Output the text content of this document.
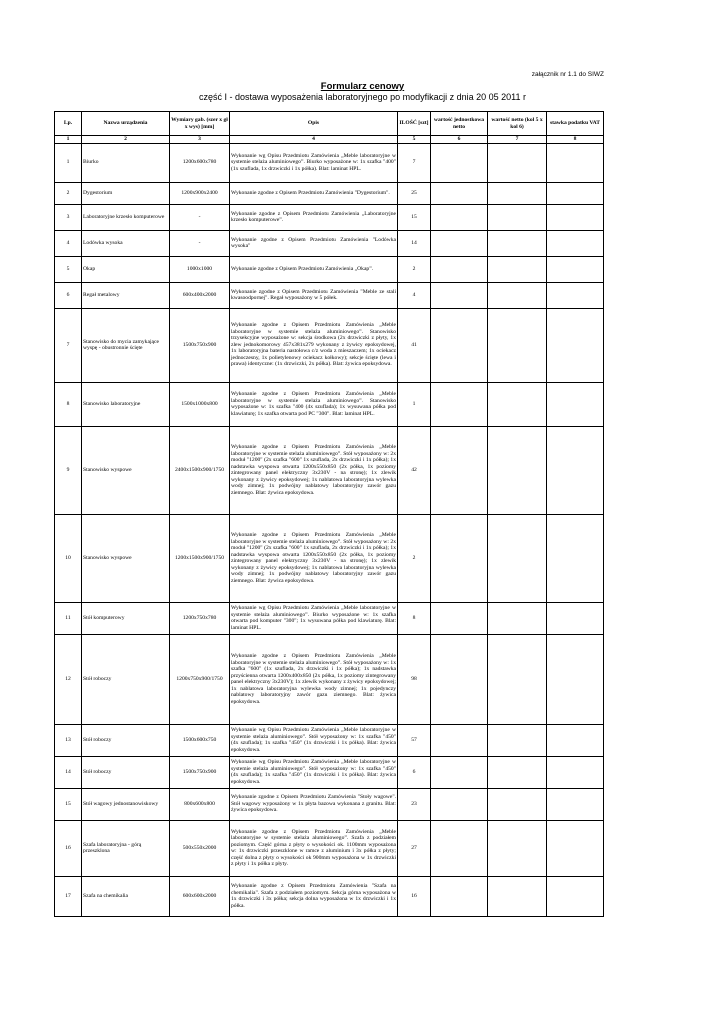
załącznik nr 1.1 do SIWZ
Formularz cenowy
część I - dostawa wyposażenia laboratoryjnego po modyfikacji z dnia 20 05 2011 r
Lp.	Nazwa urządzenia	Wymiary gab. (szer x gł x wys) [mm]	Opis	ILOŚĆ [szt]	wartość jednostkowa netto	wartość netto (kol 5 x kol 6)	stawka podatku VAT
1	2	3	4	5	6	7	8
1	Biurko	1200x600x780	Wykonanie wg Opisu Przedmiotu Zamówienia „Meble laboratoryjne w systemie stelaża aluminiowego”. Biurko wyposażone w: 1x szafka "400" (1x szuflada, 1x drzwiczki i 1x półka). Blat: laminat HPL.	7			
2	Dygestorium	1200x900x2400	Wykonanie zgodne z Opisem Przedmiotu Zamówienia "Dygestorium".	25			
3	Laboratoryjne krzesło komputerowe	-	Wykonanie zgodne z Opisem Przedmiotu Zamówienia „Laboratoryjne krzesło komputerowe”.	15			
4	Lodówka wysoka	-	Wykonanie zgodne z Opisem Przedmiotu Zamówienia "Lodówka wysoka"	14			
5	Okap	1000x1000	Wykonanie zgodne z Opisem Przedmiotu Zamówienia „Okap”.	2			
6	Regał metalowy	600x400x2000	Wykonanie zgodne z Opisem Przedmiotu Zamówienia "Meble ze stali kwasoodpornej". Regał wyposażony w 5 półek.	4			
7	Stanowisko do mycia zamykające wyspę - obustronnie ścięte	1500x750x900	Wykonanie zgodne z Opisem Przedmiotu Zamówienia „Meble laboratoryjne w systemie stelaża aluminiowego”. Stanowisko trzysekcyjne wyposażone w: sekcja środkowa (2x drzwiczki z płyty, 1x zlew jednokomorowy 457x381x279 wykonany z żywicy epoksydowej, 1x laboratoryjna bateria nastołowa c/z woda z mieszaczem; 1x ociekacz jednoczesny, 1x polietylenowy ociekacz kołkowy); sekcje ścięte (lewa i prawa) identyczne: (1x drzwiczki, 2x półka). Blat: żywica epoksydowa.	41			
8	Stanowisko laboratoryjne	1500x1000x800	Wykonanie zgodne z Opisem Przedmiotu Zamówienia „Meble laboratoryjne w systemie stelaża aluminiowego”. Stanowisko wyposażone w: 1x szafka "400 (4x szuflada); 1x wysuwana półka pod klawiaturę; 1x szafka otwarta pod PC "300". Blat: laminat HPL.	1			
9	Stanowisko wyspowe	2400x1500x900/1750	Wykonanie zgodne z Opisem Przedmiotu Zamówienia „Meble laboratoryjne w systemie stelaża aluminiowego”. Stół wyposażony w: 2x moduł "1200" (2x szafka "600" 1x szuflada, 2x drzwiczki i 1x półka); 1x nadstawka wyspowa otwarta 1200x550x850 (2x półka, 1x poziomy zintegrowany panel elektryczny 3x230V - na stronę); 1x zlewik wykonany z żywicy epoksydowej; 1x nablatowa laboratoryjna wylewka wody zimnej; 1x podwójny nablatowy laboratoryjny zawór gazu ziemnego. Blat: żywica epoksydowa.	42			
10	Stanowisko wyspowe	1200x1500x900/1750	Wykonanie zgodne z Opisem Przedmiotu Zamówienia „Meble laboratoryjne w systemie stelaża aluminiowego”. Stół wyposażony w: 2x moduł "1200" (2x szafka "600" 1x szuflada, 2x drzwiczki i 1x półka); 1x nadstawka wyspowa otwarta 1200x550x850 (2x półka, 1x poziomy zintegrowany panel elektryczny 3x230V - na stronę); 1x zlewik wykonany z żywicy epoksydowej; 1x nablatowa laboratoryjna wylewka wody zimnej; 1x podwójny nablatowy laboratoryjny zawór gazu ziemnego. Blat: żywica epoksydowa.	2			
11	Stół komputerowy	1200x750x780	Wykonanie wg Opisu Przedmiotu Zamówienia „Meble laboratoryjne w systemie stelaża aluminiowego”. Biurko wyposażone w: 1x szafka otwarta pod komputer "300"; 1x wysuwana półka pod klawiaturę. Blat: laminat HPL.	8			
12	Stół roboczy	1200x750x900/1750	Wykonanie zgodne z Opisem Przedmiotu Zamówienia „Meble laboratoryjne w systemie stelaża aluminiowego”. Stół wyposażony w: 1x szafka "600" (1x szuflada, 2x drzwiczki i 1x półka); 1x nadstawka przyścienna otwarta 1200x400x850 (2x półka, 1x poziomy zintegrowany panel elektryczny 3x230V); 1x zlewik wykonany z żywicy epoksydowej; 1x nablatowa laboratoryjna wylewka wody zimnej; 1x pojedynczy nablatowy laboratoryjny zawór gazu ziemnego. Blat: żywica epoksydowa.	98			
13	Stół roboczy	1500x600x750	Wykonanie wg Opisu Przedmiotu Zamówienia „Meble laboratoryjne w systemie stelaża aluminiowego”. Stół wyposażony w: 1x szafka "450" (4x szuflada); 1x szafka "450" (1x drzwiczki i 1x półka). Blat: żywica epoksydowa.	57			
14	Stół roboczy	1500x750x900	Wykonanie wg Opisu Przedmiotu Zamówienia „Meble laboratoryjne w systemie stelaża aluminiowego”. Stół wyposażony w: 1x szafka "450" (4x szuflada); 1x szafka "450" (1x drzwiczki i 1x półka). Blat: żywica epoksydowa.	6			
15	Stół wagowy jednostanowiskowy	800x600x800	Wykonanie zgodne z Opisem Przedmiotu Zamówienia "Stoły wagowe". Stół wagowy wyposażony w 1x płyta bazowa wykonana z granitu. Blat: żywica epoksydowa.	23			
16	Szafa laboratoryjna - górą przeszklona	500x550x2000	Wykonanie zgodne z Opisem Przedmiotu Zamówienia „Meble laboratoryjne w systemie stelaża aluminiowego”. Szafa z podziałem poziomym. Część górna z płyty o wysokości ok. 1100mm wyposażona w: 1x drzwiczki przeszklone w ramce z aluminium i 3x półka z płyty; część dolna z płyty o wysokości ok 900mm wyposażona w 1x drzwiczki z płyty i 1x półka z płyty.	27			
17	Szafa na chemikalia	600x600x2000	Wykonanie zgodne z Opisem Przedmiotu Zamówienia "Szafa na chemikalia". Szafa z podziałem poziomym. Sekcja górna wyposażona w 1x drzwiczki i 3x półka; sekcja dolna wyposażona w 1x drzwiczki i 1x półka.	16			
